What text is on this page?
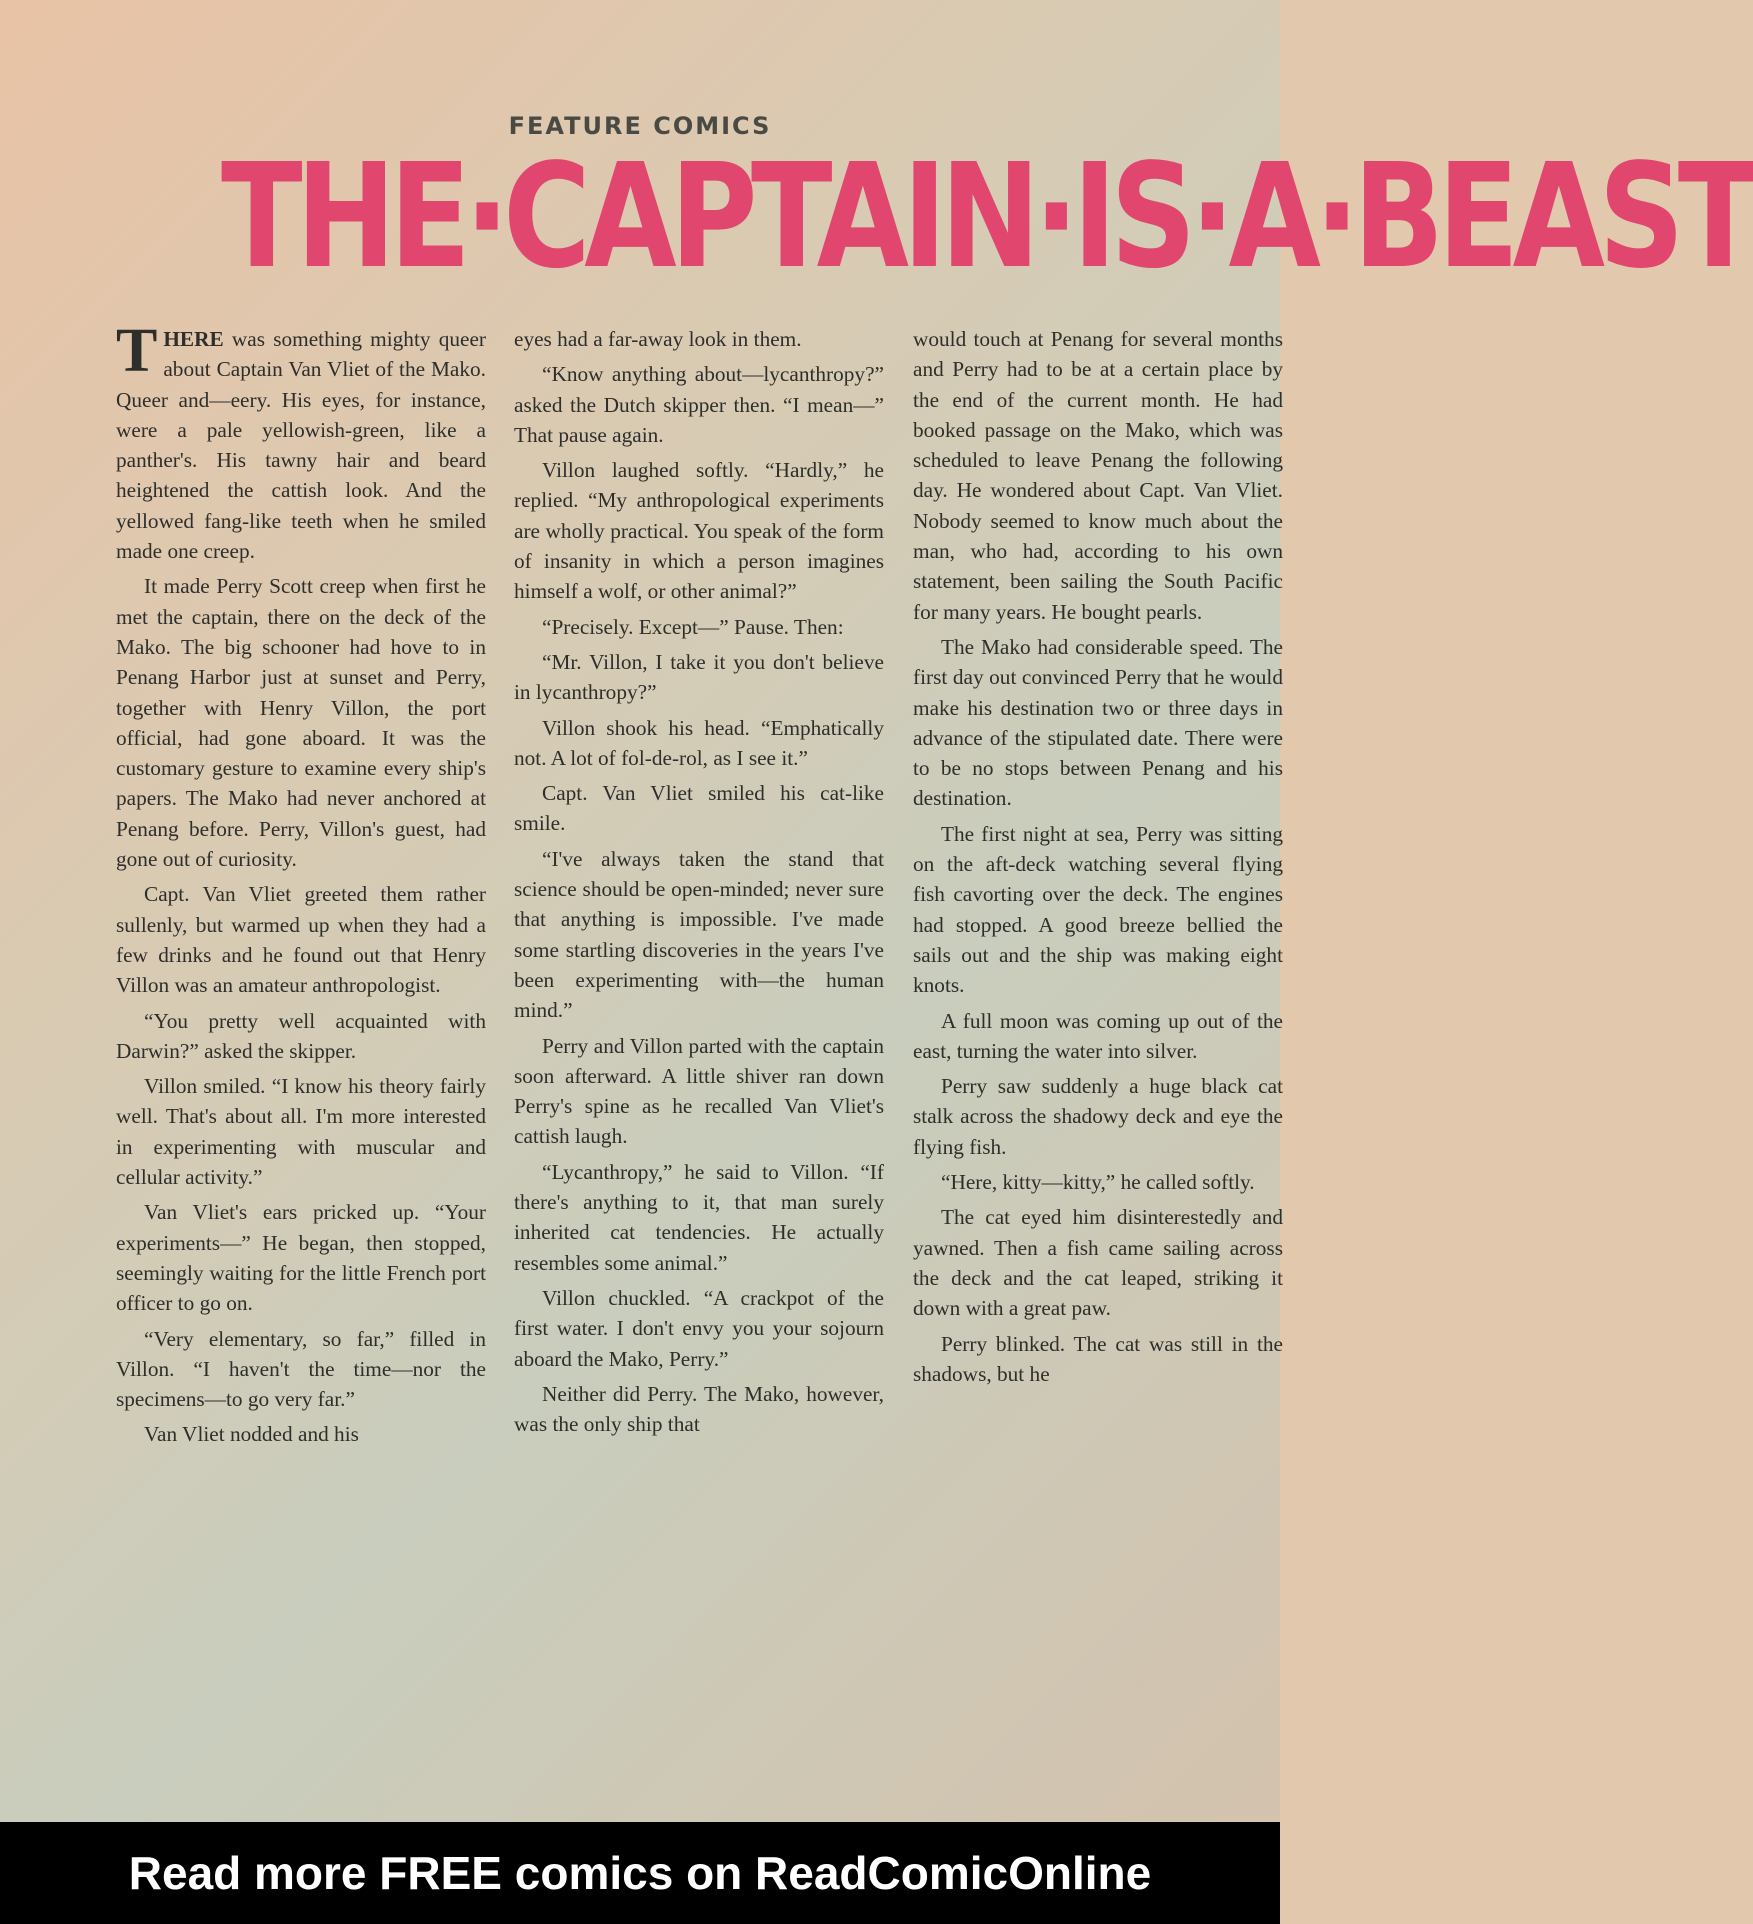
FEATURE COMICS
THE·CAPTAIN·IS·A·BEAST

THERE was something mighty queer about Captain Van Vliet of the Mako. Queer and—eery. His eyes, for instance, were a pale yellowish-green, like a panther's. His tawny hair and beard heightened the cattish look. And the yellowed fang-like teeth when he smiled made one creep.

It made Perry Scott creep when first he met the captain, there on the deck of the Mako. The big schooner had hove to in Penang Harbor just at sunset and Perry, together with Henry Villon, the port official, had gone aboard. It was the customary gesture to examine every ship's papers. The Mako had never anchored at Penang before. Perry, Villon's guest, had gone out of curiosity.

Capt. Van Vliet greeted them rather sullenly, but warmed up when they had a few drinks and he found out that Henry Villon was an amateur anthropologist.

“You pretty well acquainted with Darwin?” asked the skipper.

Villon smiled. “I know his theory fairly well. That's about all. I'm more interested in experimenting with muscular and cellular activity.”

Van Vliet's ears pricked up. “Your experiments—” He began, then stopped, seemingly waiting for the little French port officer to go on.

“Very elementary, so far,” filled in Villon. “I haven't the time—nor the specimens—to go very far.”

Van Vliet nodded and his

eyes had a far-away look in them.

“Know anything about—lycanthropy?” asked the Dutch skipper then. “I mean—” That pause again.

Villon laughed softly. “Hardly,” he replied. “My anthropological experiments are wholly practical. You speak of the form of insanity in which a person imagines himself a wolf, or other animal?”

“Precisely. Except—” Pause. Then:

“Mr. Villon, I take it you don't believe in lycanthropy?”

Villon shook his head. “Emphatically not. A lot of fol-de-rol, as I see it.”

Capt. Van Vliet smiled his cat-like smile.

“I've always taken the stand that science should be open-minded; never sure that anything is impossible. I've made some startling discoveries in the years I've been experimenting with—the human mind.”

Perry and Villon parted with the captain soon afterward. A little shiver ran down Perry's spine as he recalled Van Vliet's cattish laugh.

“Lycanthropy,” he said to Villon. “If there's anything to it, that man surely inherited cat tendencies. He actually resembles some animal.”

Villon chuckled. “A crackpot of the first water. I don't envy you your sojourn aboard the Mako, Perry.”

Neither did Perry. The Mako, however, was the only ship that

would touch at Penang for several months and Perry had to be at a certain place by the end of the current month. He had booked passage on the Mako, which was scheduled to leave Penang the following day. He wondered about Capt. Van Vliet. Nobody seemed to know much about the man, who had, according to his own statement, been sailing the South Pacific for many years. He bought pearls.

The Mako had considerable speed. The first day out convinced Perry that he would make his destination two or three days in advance of the stipulated date. There were to be no stops between Penang and his destination.

The first night at sea, Perry was sitting on the aft-deck watching several flying fish cavorting over the deck. The engines had stopped. A good breeze bellied the sails out and the ship was making eight knots.

A full moon was coming up out of the east, turning the water into silver.

Perry saw suddenly a huge black cat stalk across the shadowy deck and eye the flying fish.

“Here, kitty—kitty,” he called softly.

The cat eyed him disinterestedly and yawned. Then a fish came sailing across the deck and the cat leaped, striking it down with a great paw.

Perry blinked. The cat was still in the shadows, but he

Read more FREE comics on ReadComicOnline
